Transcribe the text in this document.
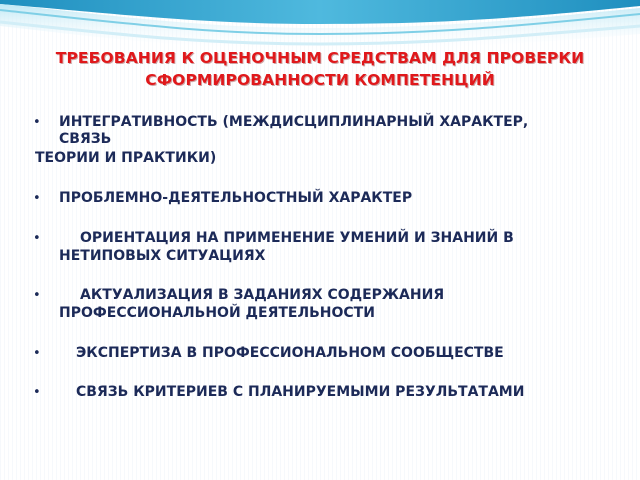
ТРЕБОВАНИЯ К ОЦЕНОЧНЫМ СРЕДСТВАМ ДЛЯ ПРОВЕРКИ
СФОРМИРОВАННОСТИ КОМПЕТЕНЦИЙ
• ИНТЕГРАТИВНОСТЬ (МЕЖДИСЦИПЛИНАРНЫЙ ХАРАКТЕР,
СВЯЗЬ
ТЕОРИИ И ПРАКТИКИ)
• ПРОБЛЕМНО-ДЕЯТЕЛЬНОСТНЫЙ ХАРАКТЕР
•	ОРИЕНТАЦИЯ НА ПРИМЕНЕНИЕ УМЕНИЙ И ЗНАНИЙ В
НЕТИПОВЫХ СИТУАЦИЯХ
•	АКТУАЛИЗАЦИЯ В ЗАДАНИЯХ СОДЕРЖАНИЯ
ПРОФЕССИОНАЛЬНОЙ ДЕЯТЕЛЬНОСТИ
•	ЭКСПЕРТИЗА В ПРОФЕССИОНАЛЬНОМ СООБЩЕСТВЕ
•	СВЯЗЬ КРИТЕРИЕВ С ПЛАНИРУЕМЫМИ РЕЗУЛЬТАТАМИ
